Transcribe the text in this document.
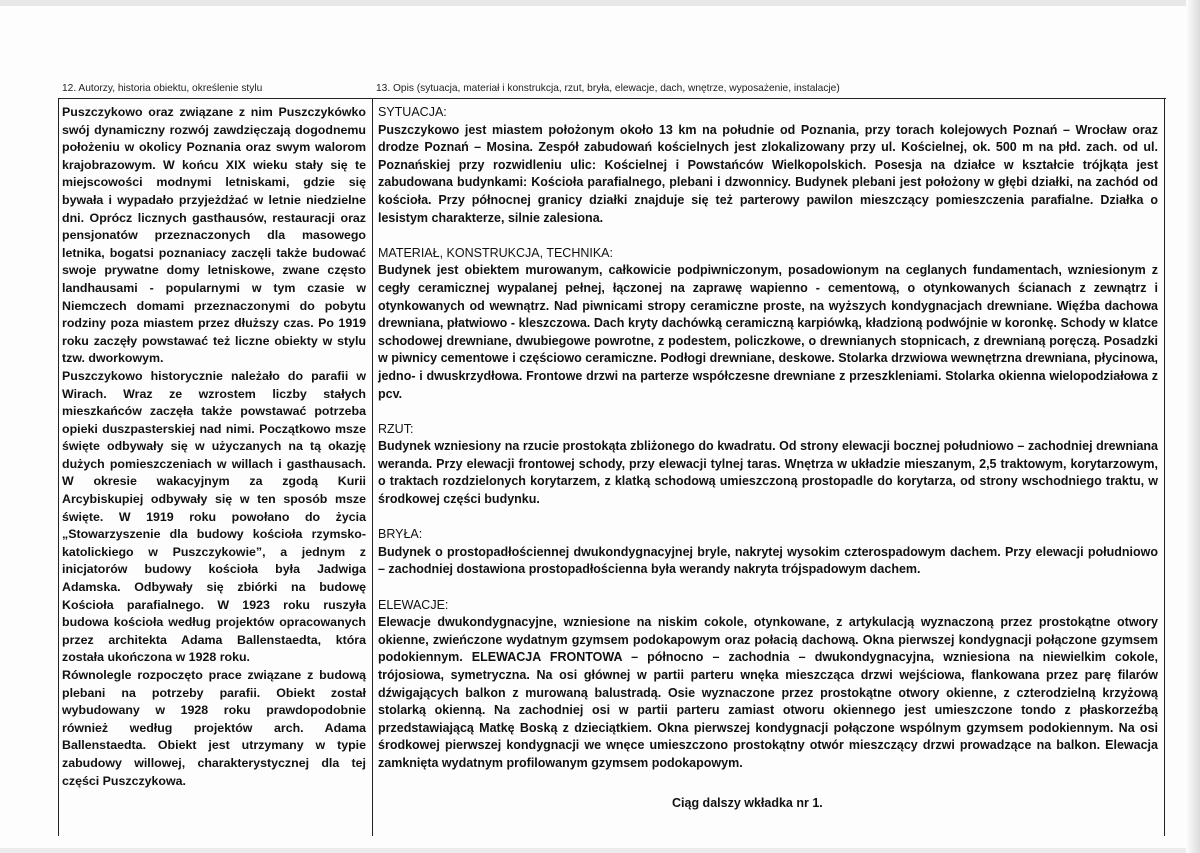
12. Autorzy, historia obiektu, określenie stylu	13. Opis (sytuacja, materiał i konstrukcja, rzut, bryła, elewacje, dach, wnętrze, wyposażenie, instalacje)

Puszczykowo oraz związane z nim Puszczykówko swój dynamiczny rozwój zawdzięczają dogodnemu położeniu w okolicy Poznania oraz swym walorom krajobrazowym. W końcu XIX wieku stały się te miejscowości modnymi letniskami, gdzie się bywała i wypadało przyjeżdżać w letnie niedzielne dni. Oprócz licznych gasthausów, restauracji oraz pensjonatów przeznaczonych dla masowego letnika, bogatsi poznaniacy zaczęli także budować swoje prywatne domy letniskowe, zwane często landhausami - popularnymi w tym czasie w Niemczech domami przeznaczonymi do pobytu rodziny poza miastem przez dłuższy czas. Po 1919 roku zaczęły powstawać też liczne obiekty w stylu tzw. dworkowym.

Puszczykowo historycznie należało do parafii w Wirach. Wraz ze wzrostem liczby stałych mieszkańców zaczęła także powstawać potrzeba opieki duszpasterskiej nad nimi. Początkowo msze święte odbywały się w użyczanych na tą okazję dużych pomieszczeniach w willach i gasthausach. W okresie wakacyjnym za zgodą Kurii Arcybiskupiej odbywały się w ten sposób msze święte. W 1919 roku powołano do życia „Stowarzyszenie dla budowy kościoła rzymsko-katolickiego w Puszczykowie”, a jednym z inicjatorów budowy kościoła była Jadwiga Adamska. Odbywały się zbiórki na budowę Kościoła parafialnego. W 1923 roku ruszyła budowa kościoła według projektów opracowanych przez architekta Adama Ballenstaedta, która została ukończona w 1928 roku.

Równolegle rozpoczęto prace związane z budową plebani na potrzeby parafii. Obiekt został wybudowany w 1928 roku prawdopodobnie również według projektów arch. Adama Ballenstaedta. Obiekt jest utrzymany w typie zabudowy willowej, charakterystycznej dla tej części Puszczykowa.

SYTUACJA:

Puszczykowo jest miastem położonym około 13 km na południe od Poznania, przy torach kolejowych Poznań – Wrocław oraz drodze Poznań – Mosina. Zespół zabudowań kościelnych jest zlokalizowany przy ul. Kościelnej, ok. 500 m na płd. zach. od ul. Poznańskiej przy rozwidleniu ulic: Kościelnej i Powstańców Wielkopolskich. Posesja na działce w kształcie trójkąta jest zabudowana budynkami: Kościoła parafialnego, plebani i dzwonnicy. Budynek plebani jest położony w głębi działki, na zachód od kościoła. Przy północnej granicy działki znajduje się też parterowy pawilon mieszczący pomieszczenia parafialne. Działka o lesistym charakterze, silnie zalesiona.

MATERIAŁ, KONSTRUKCJA, TECHNIKA:

Budynek jest obiektem murowanym, całkowicie podpiwniczonym, posadowionym na ceglanych fundamentach, wzniesionym z cegły ceramicznej wypalanej pełnej, łączonej na zaprawę wapienno - cementową, o otynkowanych ścianach z zewnątrz i otynkowanych od wewnątrz. Nad piwnicami stropy ceramiczne proste, na wyższych kondygnacjach drewniane. Więźba dachowa drewniana, płatwiowo - kleszczowa. Dach kryty dachówką ceramiczną karpiówką, kładzioną podwójnie w koronkę. Schody w klatce schodowej drewniane, dwubiegowe powrotne, z podestem, policzkowe, o drewnianych stopnicach, z drewnianą poręczą. Posadzki w piwnicy cementowe i częściowo ceramiczne. Podłogi drewniane, deskowe. Stolarka drzwiowa wewnętrzna drewniana, płycinowa, jedno- i dwuskrzydłowa. Frontowe drzwi na parterze współczesne drewniane z przeszkleniami. Stolarka okienna wielopodziałowa z pcv.

RZUT:

Budynek wzniesiony na rzucie prostokąta zbliżonego do kwadratu. Od strony elewacji bocznej południowo – zachodniej drewniana weranda. Przy elewacji frontowej schody, przy elewacji tylnej taras. Wnętrza w układzie mieszanym, 2,5 traktowym, korytarzowym, o traktach rozdzielonych korytarzem, z klatką schodową umieszczoną prostopadle do korytarza, od strony wschodniego traktu, w środkowej części budynku.

BRYŁA:

Budynek o prostopadłościennej dwukondygnacyjnej bryle, nakrytej wysokim czterospadowym dachem. Przy elewacji południowo – zachodniej dostawiona prostopadłościenna była werandy nakryta trójspadowym dachem.

ELEWACJE:

Elewacje dwukondygnacyjne, wzniesione na niskim cokole, otynkowane, z artykulacją wyznaczoną przez prostokątne otwory okienne, zwieńczone wydatnym gzymsem podokapowym oraz połacią dachową. Okna pierwszej kondygnacji połączone gzymsem podokiennym. ELEWACJA FRONTOWA – północno – zachodnia – dwukondygnacyjna, wzniesiona na niewielkim cokole, trójosiowa, symetryczna. Na osi głównej w partii parteru wnęka mieszcząca drzwi wejściowa, flankowana przez parę filarów dźwigających balkon z murowaną balustradą. Osie wyznaczone przez prostokątne otwory okienne, z czterodzielną krzyżową stolarką okienną. Na zachodniej osi w partii parteru zamiast otworu okiennego jest umieszczone tondo z płaskorzeźbą przedstawiającą Matkę Boską z dzieciątkiem. Okna pierwszej kondygnacji połączone wspólnym gzymsem podokiennym. Na osi środkowej pierwszej kondygnacji we wnęce umieszczono prostokątny otwór mieszczący drzwi prowadzące na balkon. Elewacja zamknięta wydatnym profilowanym gzymsem podokapowym.

Ciąg dalszy wkładka nr 1.
